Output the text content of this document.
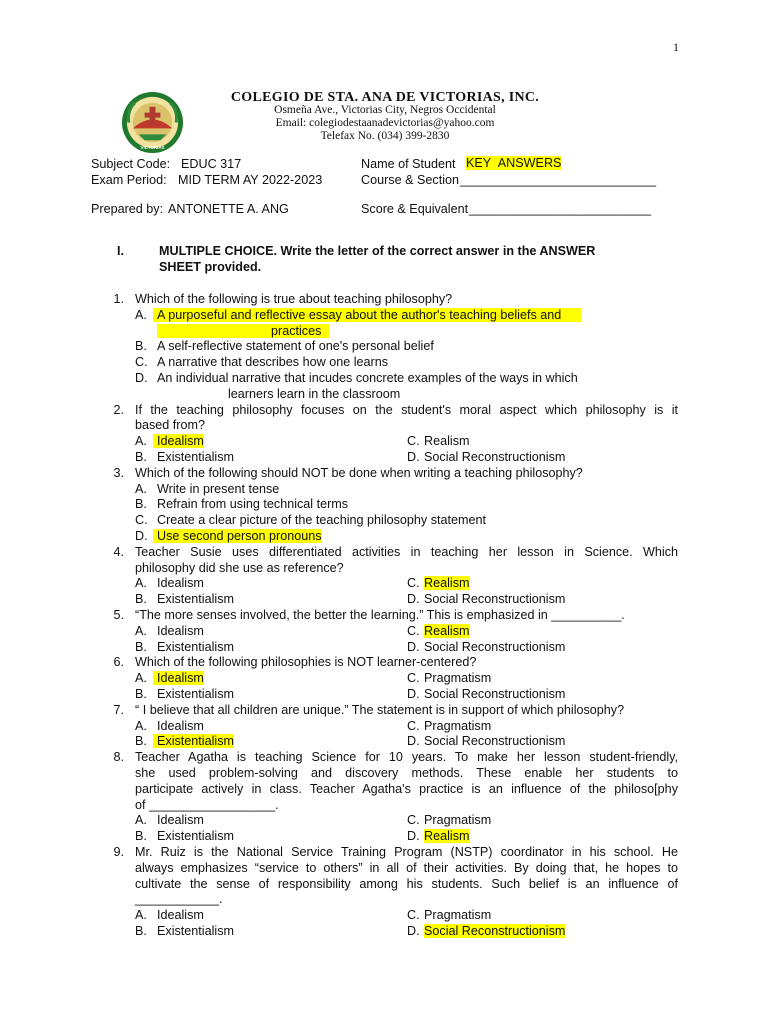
1
VICTORIAS
COLEGIO DE STA. ANA DE VICTORIAS, INC.
Osmeña Ave., Victorias City, Negros Occidental
Email: colegiodestaanadevictorias@yahoo.com
Telefax No. (034) 399-2830
Subject Code: EDUC 317
Exam Period: MID TERM AY 2022-2023
Prepared by: ANTONETTE A. ANG
Name of Student KEY ANSWERS
Course & Section ____________________________
Score & Equivalent __________________________
I.	MULTIPLE CHOICE. Write the letter of the correct answer in the ANSWER
SHEET provided.
1. Which of the following is true about teaching philosophy?
A. A purposeful and reflective essay about the author's teaching beliefs and
practices
B. A self-reflective statement of one's personal belief
C. A narrative that describes how one learns
D. An individual narrative that incudes concrete examples of the ways in which
learners learn in the classroom
2. If the teaching philosophy focuses on the student's moral aspect which philosophy is it
based from?
A. Idealism	C. Realism
B. Existentialism	D. Social Reconstructionism
3. Which of the following should NOT be done when writing a teaching philosophy?
A. Write in present tense
B. Refrain from using technical terms
C. Create a clear picture of the teaching philosophy statement
D. Use second person pronouns
4. Teacher Susie uses differentiated activities in teaching her lesson in Science. Which
philosophy did she use as reference?
A. Idealism	C. Realism
B. Existentialism	D. Social Reconstructionism
5. “The more senses involved, the better the learning.” This is emphasized in __________.
A. Idealism	C. Realism
B. Existentialism	D. Social Reconstructionism
6. Which of the following philosophies is NOT learner-centered?
A. Idealism	C. Pragmatism
B. Existentialism	D. Social Reconstructionism
7. “ I believe that all children are unique.” The statement is in support of which philosophy?
A. Idealism	C. Pragmatism
B. Existentialism	D. Social Reconstructionism
8. Teacher Agatha is teaching Science for 10 years. To make her lesson student-friendly,
she used problem-solving and discovery methods. These enable her students to
participate actively in class. Teacher Agatha's practice is an influence of the philoso[phy
of __________________.
A. Idealism	C. Pragmatism
B. Existentialism	D. Realism
9. Mr. Ruiz is the National Service Training Program (NSTP) coordinator in his school. He
always emphasizes “service to others” in all of their activities. By doing that, he hopes to
cultivate the sense of responsibility among his students. Such belief is an influence of
____________.
A. Idealism	C. Pragmatism
B. Existentialism	D. Social Reconstructionism
